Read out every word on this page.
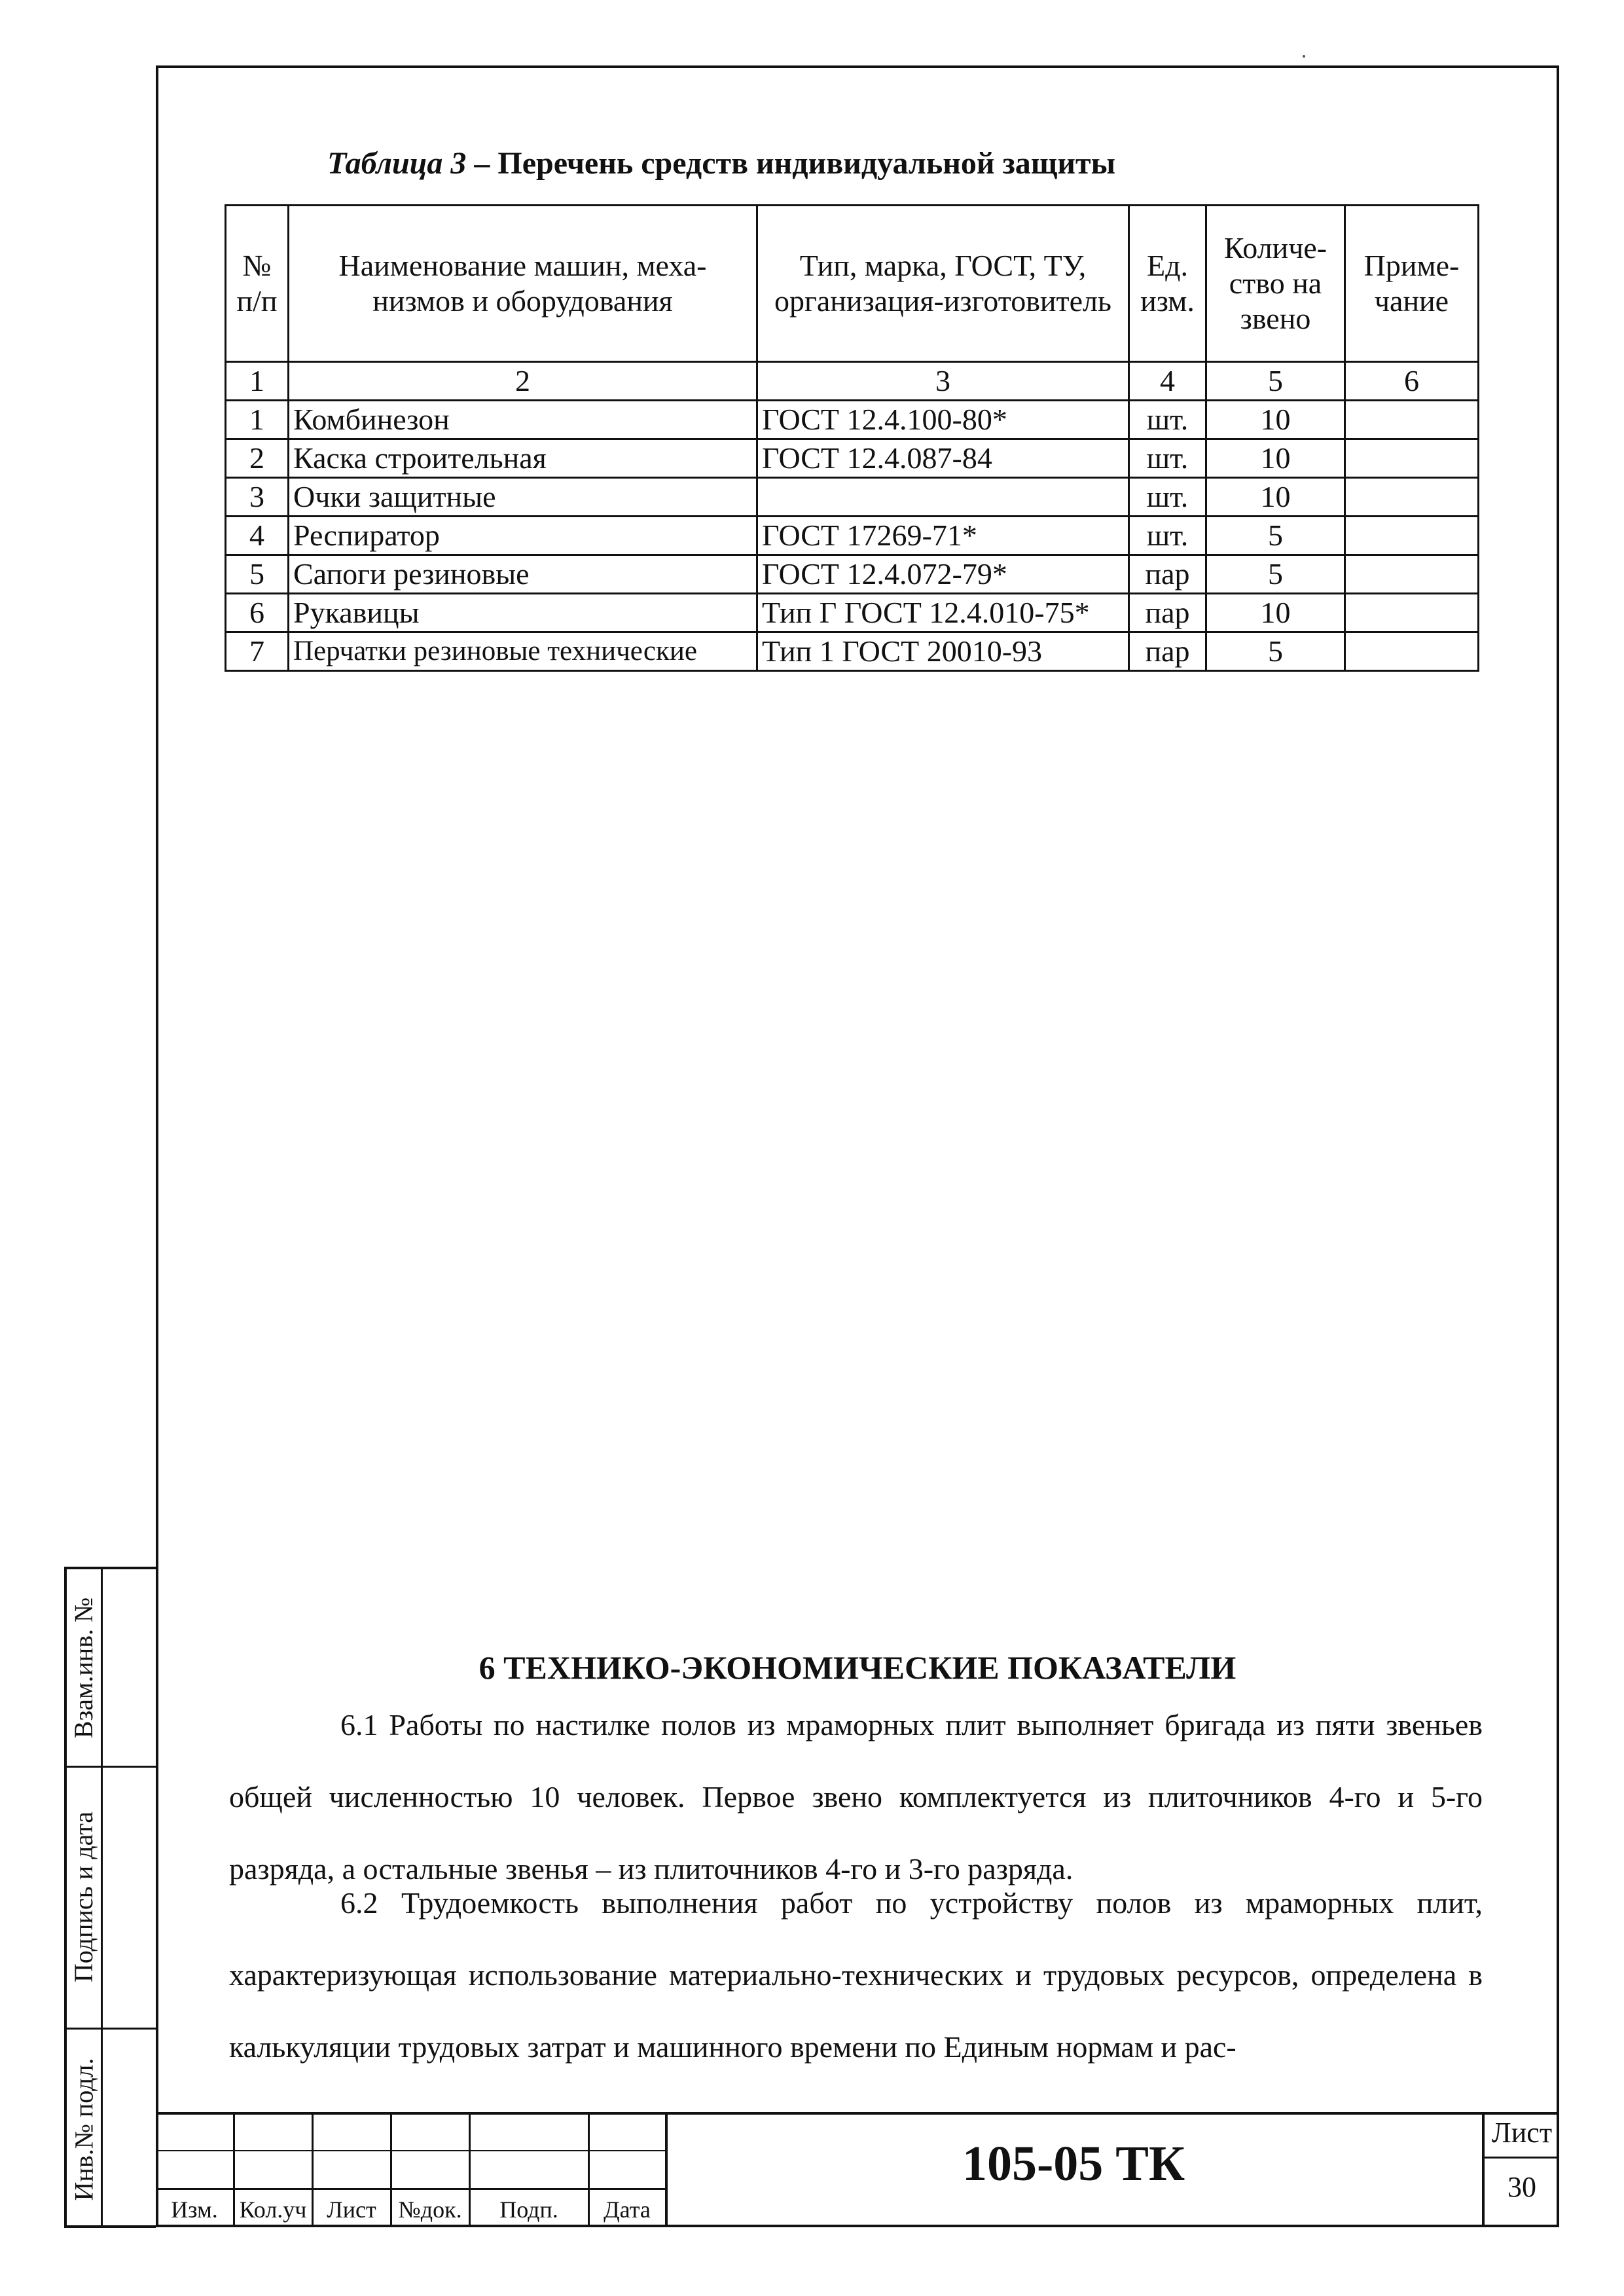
Таблица 3 – Перечень средств индивидуальной защиты
№ п/п	Наименование машин, меха-низмов и оборудования	Тип, марка, ГОСТ, ТУ, организация-изготовитель	Ед. изм.	Количе-ство на звено	Приме-чание
1	2	3	4	5	6
1	Комбинезон	ГОСТ 12.4.100-80*	шт.	10	
2	Каска строительная	ГОСТ 12.4.087-84	шт.	10	
3	Очки защитные		шт.	10	
4	Респиратор	ГОСТ 17269-71*	шт.	5	
5	Сапоги резиновые	ГОСТ 12.4.072-79*	пар	5	
6	Рукавицы	Тип Г ГОСТ 12.4.010-75*	пар	10	
7	Перчатки резиновые технические	Тип 1 ГОСТ 20010-93	пар	5	
6 ТЕХНИКО-ЭКОНОМИЧЕСКИЕ ПОКАЗАТЕЛИ
6.1 Работы по настилке полов из мраморных плит выполняет бригада из пяти звеньев общей численностью 10 человек. Первое звено комплектуется из плиточников 4-го и 5-го разряда, а остальные звенья – из плиточников 4-го и 3-го разряда.
6.2 Трудоемкость выполнения работ по устройству полов из мраморных плит, характеризующая использование материально-технических и трудовых ресурсов, определена в калькуляции трудовых затрат и машинного времени по Единым нормам и рас-
Взам.инв. №
Подпись и дата
Инв.№ подл.
Изм. Кол.уч Лист №док.	Подп.	Дата
105-05 ТК
Лист
30
